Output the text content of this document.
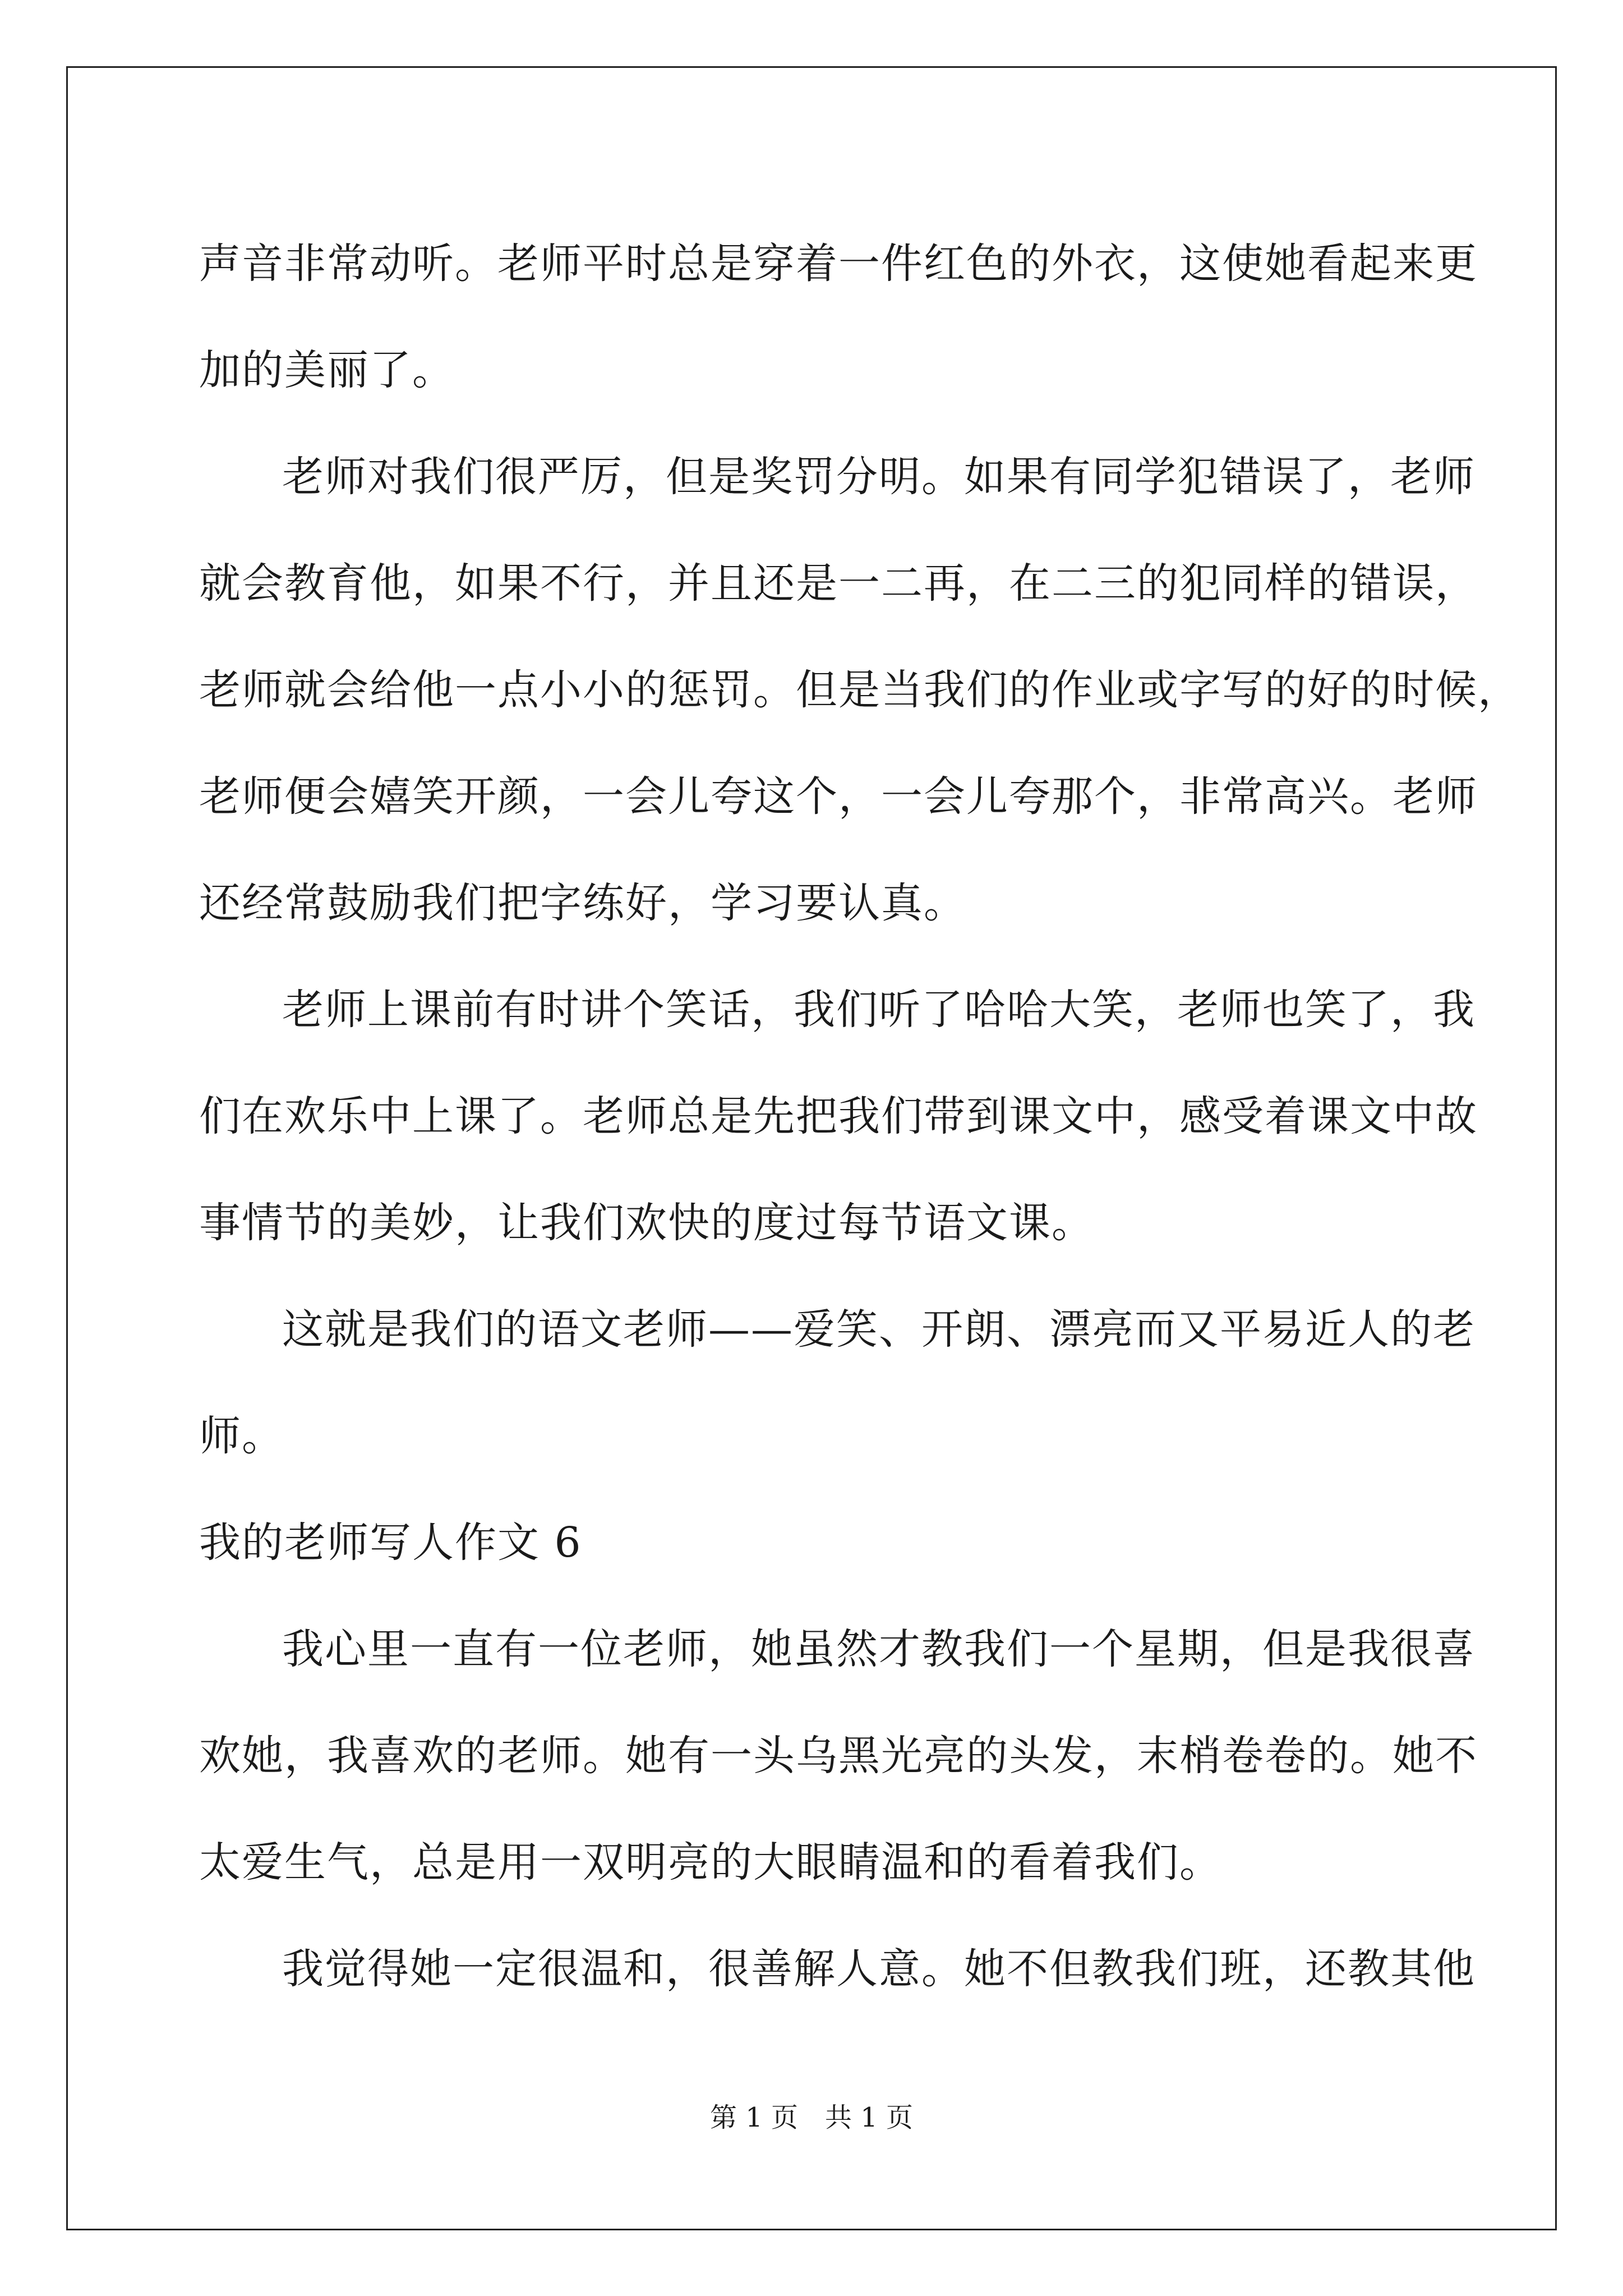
声音非常动听。老师平时总是穿着一件红色的外衣，这使她看起来更
加的美丽了。
老师对我们很严厉，但是奖罚分明。如果有同学犯错误了，老师
就会教育他，如果不行，并且还是一二再，在二三的犯同样的错误，
老师就会给他一点小小的惩罚。但是当我们的作业或字写的好的时候，
老师便会嬉笑开颜，一会儿夸这个，一会儿夸那个，非常高兴。老师
还经常鼓励我们把字练好，学习要认真。
老师上课前有时讲个笑话，我们听了哈哈大笑，老师也笑了，我
们在欢乐中上课了。老师总是先把我们带到课文中，感受着课文中故
事情节的美妙，让我们欢快的度过每节语文课。
这就是我们的语文老师——爱笑、开朗、漂亮而又平易近人的老
师。
我的老师写人作文 6
我心里一直有一位老师，她虽然才教我们一个星期，但是我很喜
欢她，我喜欢的老师。她有一头乌黑光亮的头发，末梢卷卷的。她不
太爱生气，总是用一双明亮的大眼睛温和的看着我们。
我觉得她一定很温和，很善解人意。她不但教我们班，还教其他
第 1 页 共 1 页
